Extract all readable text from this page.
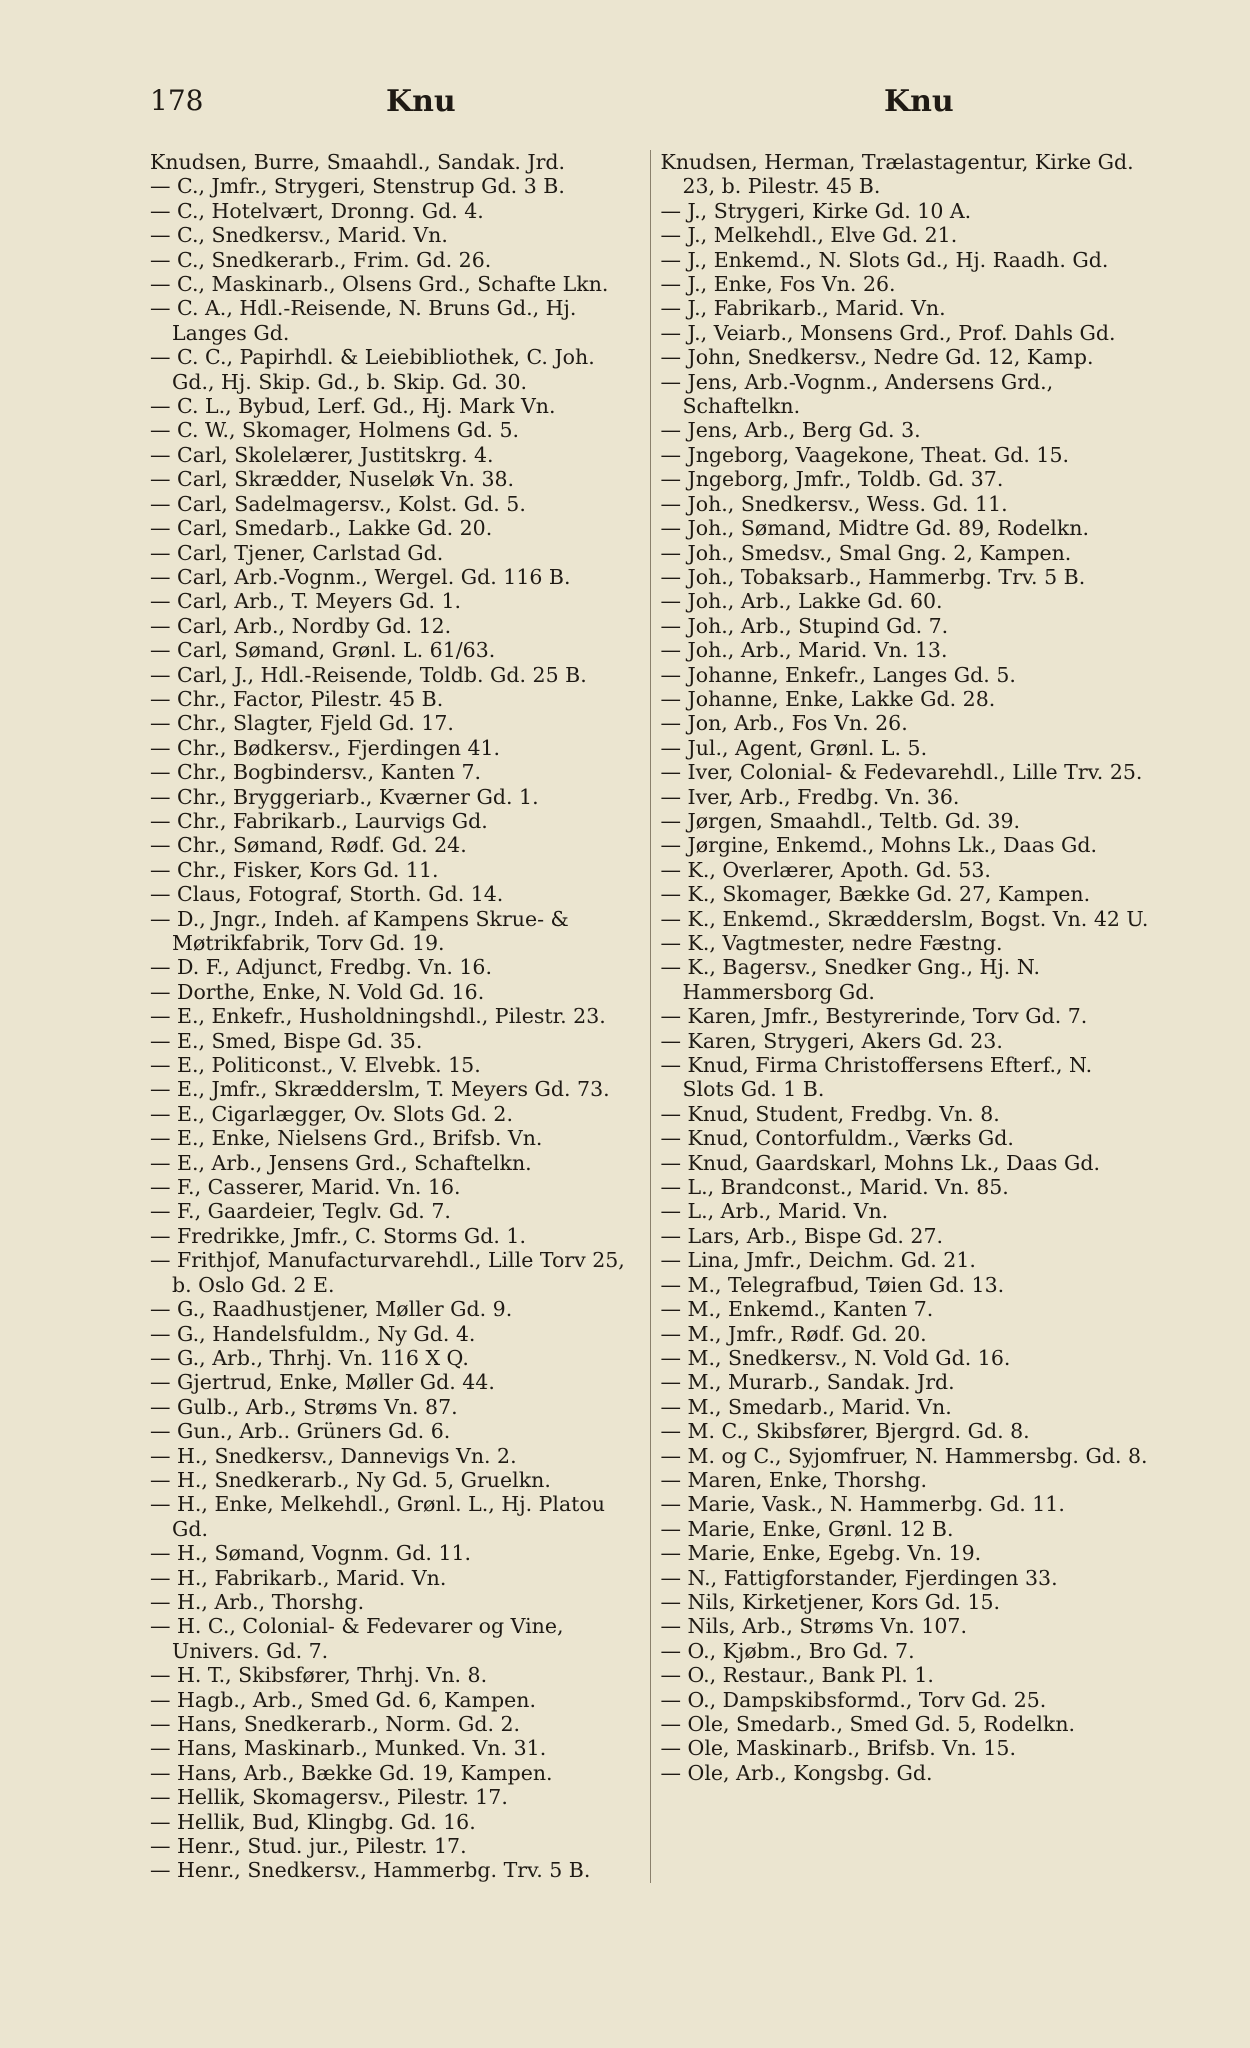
178	Knu	Knu
Knudsen, Burre, Smaahdl., Sandak. Jrd.
— C., Jmfr., Strygeri, Stenstrup Gd. 3 B.
— C., Hotelvært, Dronng. Gd. 4.
— C., Snedkersv., Marid. Vn.
— C., Snedkerarb., Frim. Gd. 26.
— C., Maskinarb., Olsens Grd., Schafte Lkn.
— C. A., Hdl.-Reisende, N. Bruns Gd., Hj. Langes Gd.
— C. C., Papirhdl. & Leiebibliothek, C. Joh. Gd., Hj. Skip. Gd., b. Skip. Gd. 30.
— C. L., Bybud, Lerf. Gd., Hj. Mark Vn.
— C. W., Skomager, Holmens Gd. 5.
— Carl, Skolelærer, Justitskrg. 4.
— Carl, Skrædder, Nuseløk Vn. 38.
— Carl, Sadelmagersv., Kolst. Gd. 5.
— Carl, Smedarb., Lakke Gd. 20.
— Carl, Tjener, Carlstad Gd.
— Carl, Arb.-Vognm., Wergel. Gd. 116 B.
— Carl, Arb., T. Meyers Gd. 1.
— Carl, Arb., Nordby Gd. 12.
— Carl, Sømand, Grønl. L. 61/63.
— Carl, J., Hdl.-Reisende, Toldb. Gd. 25 B.
— Chr., Factor, Pilestr. 45 B.
— Chr., Slagter, Fjeld Gd. 17.
— Chr., Bødkersv., Fjerdingen 41.
— Chr., Bogbindersv., Kanten 7.
— Chr., Bryggeriarb., Kværner Gd. 1.
— Chr., Fabrikarb., Laurvigs Gd.
— Chr., Sømand, Rødf. Gd. 24.
— Chr., Fisker, Kors Gd. 11.
— Claus, Fotograf, Storth. Gd. 14.
— D., Jngr., Indeh. af Kampens Skrue- & Møtrikfabrik, Torv Gd. 19.
— D. F., Adjunct, Fredbg. Vn. 16.
— Dorthe, Enke, N. Vold Gd. 16.
— E., Enkefr., Husholdningshdl., Pilestr. 23.
— E., Smed, Bispe Gd. 35.
— E., Politiconst., V. Elvebk. 15.
— E., Jmfr., Skrædderslm, T. Meyers Gd. 73.
— E., Cigarlægger, Ov. Slots Gd. 2.
— E., Enke, Nielsens Grd., Brifsb. Vn.
— E., Arb., Jensens Grd., Schaftelkn.
— F., Casserer, Marid. Vn. 16.
— F., Gaardeier, Teglv. Gd. 7.
— Fredrikke, Jmfr., C. Storms Gd. 1.
— Frithjof, Manufacturvarehdl., Lille Torv 25, b. Oslo Gd. 2 E.
— G., Raadhustjener, Møller Gd. 9.
— G., Handelsfuldm., Ny Gd. 4.
— G., Arb., Thrhj. Vn. 116 X Q.
— Gjertrud, Enke, Møller Gd. 44.
— Gulb., Arb., Strøms Vn. 87.
— Gun., Arb.. Grüners Gd. 6.
— H., Snedkersv., Dannevigs Vn. 2.
— H., Snedkerarb., Ny Gd. 5, Gruelkn.
— H., Enke, Melkehdl., Grønl. L., Hj. Platou Gd.
— H., Sømand, Vognm. Gd. 11.
— H., Fabrikarb., Marid. Vn.
— H., Arb., Thorshg.
— H. C., Colonial- & Fedevarer og Vine, Univers. Gd. 7.
— H. T., Skibsfører, Thrhj. Vn. 8.
— Hagb., Arb., Smed Gd. 6, Kampen.
— Hans, Snedkerarb., Norm. Gd. 2.
— Hans, Maskinarb., Munked. Vn. 31.
— Hans, Arb., Bække Gd. 19, Kampen.
— Hellik, Skomagersv., Pilestr. 17.
— Hellik, Bud, Klingbg. Gd. 16.
— Henr., Stud. jur., Pilestr. 17.
— Henr., Snedkersv., Hammerbg. Trv. 5 B.
Knudsen, Herman, Trælastagentur, Kirke Gd. 23, b. Pilestr. 45 B.
— J., Strygeri, Kirke Gd. 10 A.
— J., Melkehdl., Elve Gd. 21.
— J., Enkemd., N. Slots Gd., Hj. Raadh. Gd.
— J., Enke, Fos Vn. 26.
— J., Fabrikarb., Marid. Vn.
— J., Veiarb., Monsens Grd., Prof. Dahls Gd.
— John, Snedkersv., Nedre Gd. 12, Kamp.
— Jens, Arb.-Vognm., Andersens Grd., Schaftelkn.
— Jens, Arb., Berg Gd. 3.
— Jngeborg, Vaagekone, Theat. Gd. 15.
— Jngeborg, Jmfr., Toldb. Gd. 37.
— Joh., Snedkersv., Wess. Gd. 11.
— Joh., Sømand, Midtre Gd. 89, Rodelkn.
— Joh., Smedsv., Smal Gng. 2, Kampen.
— Joh., Tobaksarb., Hammerbg. Trv. 5 B.
— Joh., Arb., Lakke Gd. 60.
— Joh., Arb., Stupind Gd. 7.
— Joh., Arb., Marid. Vn. 13.
— Johanne, Enkefr., Langes Gd. 5.
— Johanne, Enke, Lakke Gd. 28.
— Jon, Arb., Fos Vn. 26.
— Jul., Agent, Grønl. L. 5.
— Iver, Colonial- & Fedevarehdl., Lille Trv. 25.
— Iver, Arb., Fredbg. Vn. 36.
— Jørgen, Smaahdl., Teltb. Gd. 39.
— Jørgine, Enkemd., Mohns Lk., Daas Gd.
— K., Overlærer, Apoth. Gd. 53.
— K., Skomager, Bække Gd. 27, Kampen.
— K., Enkemd., Skrædderslm, Bogst. Vn. 42 U.
— K., Vagtmester, nedre Fæstng.
— K., Bagersv., Snedker Gng., Hj. N. Hammersborg Gd.
— Karen, Jmfr., Bestyrerinde, Torv Gd. 7.
— Karen, Strygeri, Akers Gd. 23.
— Knud, Firma Christoffersens Efterf., N. Slots Gd. 1 B.
— Knud, Student, Fredbg. Vn. 8.
— Knud, Contorfuldm., Værks Gd.
— Knud, Gaardskarl, Mohns Lk., Daas Gd.
— L., Brandconst., Marid. Vn. 85.
— L., Arb., Marid. Vn.
— Lars, Arb., Bispe Gd. 27.
— Lina, Jmfr., Deichm. Gd. 21.
— M., Telegrafbud, Tøien Gd. 13.
— M., Enkemd., Kanten 7.
— M., Jmfr., Rødf. Gd. 20.
— M., Snedkersv., N. Vold Gd. 16.
— M., Murarb., Sandak. Jrd.
— M., Smedarb., Marid. Vn.
— M. C., Skibsfører, Bjergrd. Gd. 8.
— M. og C., Syjomfruer, N. Hammersbg. Gd. 8.
— Maren, Enke, Thorshg.
— Marie, Vask., N. Hammerbg. Gd. 11.
— Marie, Enke, Grønl. 12 B.
— Marie, Enke, Egebg. Vn. 19.
— N., Fattigforstander, Fjerdingen 33.
— Nils, Kirketjener, Kors Gd. 15.
— Nils, Arb., Strøms Vn. 107.
— O., Kjøbm., Bro Gd. 7.
— O., Restaur., Bank Pl. 1.
— O., Dampskibsformd., Torv Gd. 25.
— Ole, Smedarb., Smed Gd. 5, Rodelkn.
— Ole, Maskinarb., Brifsb. Vn. 15.
— Ole, Arb., Kongsbg. Gd.
